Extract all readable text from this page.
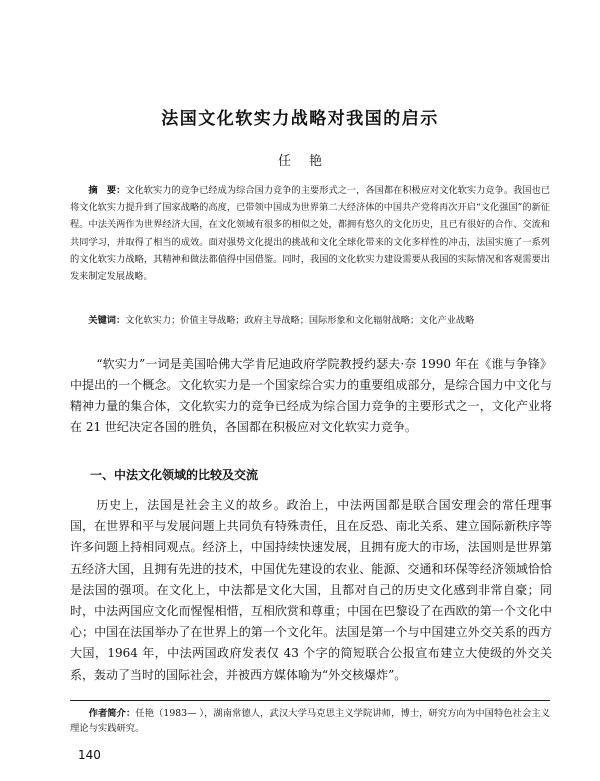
法国文化软实力战略对我国的启示
任艳
摘　要：文化软实力的竞争已经成为综合国力竞争的主要形式之一，各国都在积极应对文化软实力竞争。我国也已将文化软实力提升到了国家战略的高度，已带领中国成为世界第二大经济体的中国共产党将再次开启“文化强国”的新征程。中法关两作为世界经济大国，在文化领域有很多的相似之处，都拥有悠久的文化历史，且已有很好的合作、交流和共同学习，并取得了相当的成效。面对强势文化提出的挑战和文化全球化带来的文化多样性的冲击，法国实施了一系列的文化软实力战略，其精神和做法都值得中国借鉴。同时，我国的文化软实力建设需要从我国的实际情况和客观需要出发来制定发展战略。
关键词：文化软实力；价值主导战略；政府主导战略；国际形象和文化辐射战略；文化产业战略
“软实力”一词是美国哈佛大学肯尼迪政府学院教授约瑟夫·奈 1990 年在《谁与争锋》中提出的一个概念。文化软实力是一个国家综合实力的重要组成部分，是综合国力中文化与精神力量的集合体，文化软实力的竞争已经成为综合国力竞争的主要形式之一，文化产业将在 21 世纪决定各国的胜负，各国都在积极应对文化软实力竞争。
一、中法文化领域的比较及交流
历史上，法国是社会主义的故乡。政治上，中法两国都是联合国安理会的常任理事国，在世界和平与发展问题上共同负有特殊责任，且在反恐、南北关系、建立国际新秩序等许多问题上持相同观点。经济上，中国持续快速发展，且拥有庞大的市场，法国则是世界第五经济大国，且拥有先进的技术，中国优先建设的农业、能源、交通和环保等经济领域恰恰是法国的强项。在文化上，中法都是文化大国，且都对自己的历史文化感到非常自豪；同时，中法两国应文化而惺惺相惜，互相欣赏和尊重；中国在巴黎设了在西欧的第一个文化中心；中国在法国举办了在世界上的第一个文化年。法国是第一个与中国建立外交关系的西方大国，1964 年，中法两国政府发表仅 43 个字的简短联合公报宣布建立大使级的外交关系，轰动了当时的国际社会，并被西方媒体喻为“外交核爆炸”。
作者简介：任艳（1983— ），湖南常德人，武汉大学马克思主义学院讲师，博士，研究方向为中国特色社会主义理论与实践研究。
140
